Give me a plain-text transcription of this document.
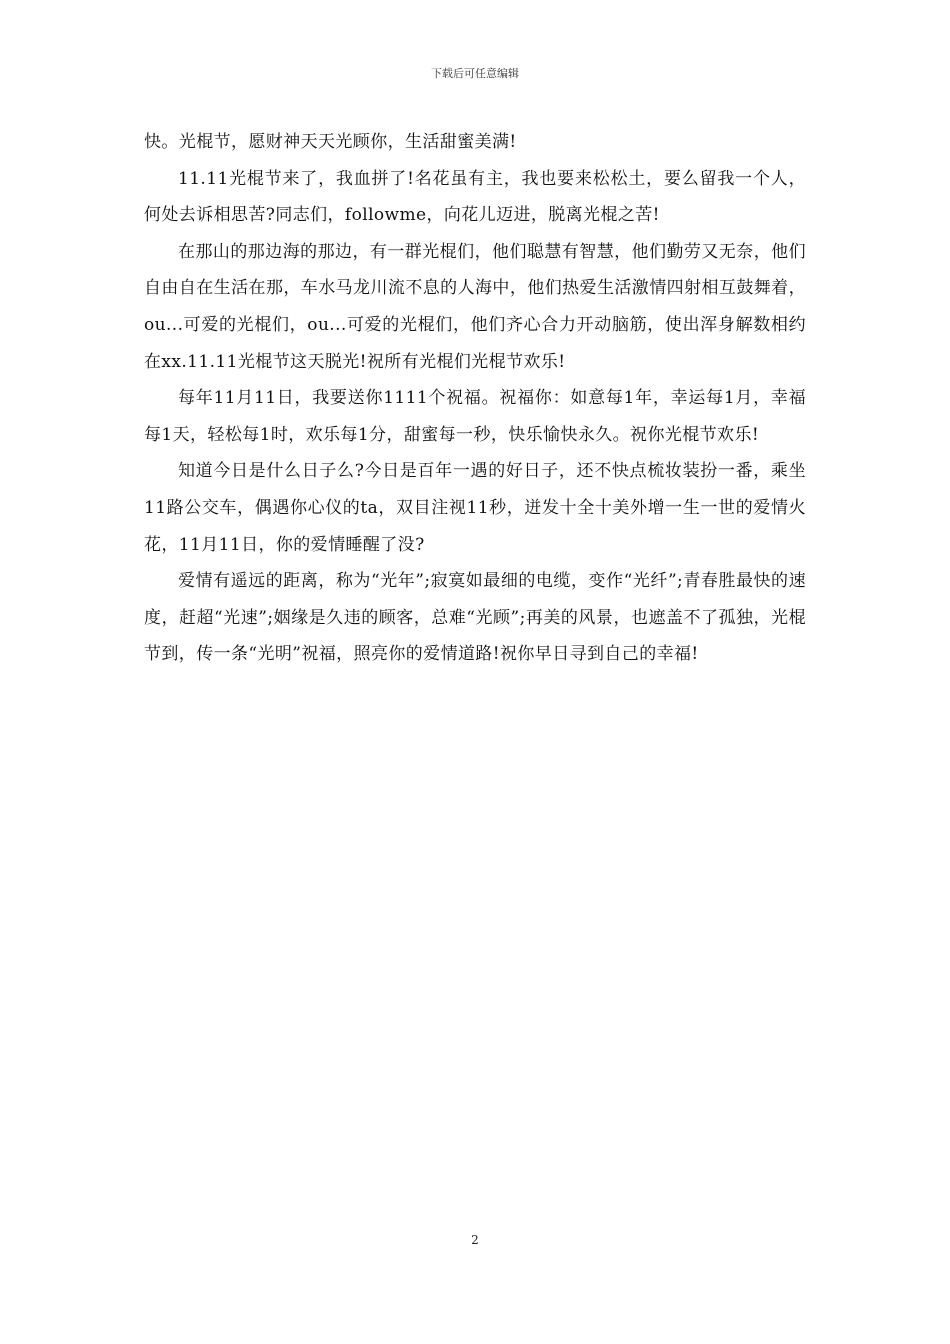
下载后可任意编辑

快。光棍节，愿财神天天光顾你，生活甜蜜美满!

11.11光棍节来了，我血拼了!名花虽有主，我也要来松松土，要么留我一个人，何处去诉相思苦?同志们，followme，向花儿迈进，脱离光棍之苦!

在那山的那边海的那边，有一群光棍们，他们聪慧有智慧，他们勤劳又无奈，他们自由自在生活在那，车水马龙川流不息的人海中，他们热爱生活激情四射相互鼓舞着，ou...可爱的光棍们，ou...可爱的光棍们，他们齐心合力开动脑筋，使出浑身解数相约在xx.11.11光棍节这天脱光!祝所有光棍们光棍节欢乐!

每年11月11日，我要送你1111个祝福。祝福你：如意每1年，幸运每1月，幸福每1天，轻松每1时，欢乐每1分，甜蜜每一秒，快乐愉快永久。祝你光棍节欢乐!

知道今日是什么日子么?今日是百年一遇的好日子，还不快点梳妆装扮一番，乘坐11路公交车，偶遇你心仪的ta，双目注视11秒，迸发十全十美外增一生一世的爱情火花，11月11日，你的爱情睡醒了没?

爱情有遥远的距离，称为“光年”;寂寞如最细的电缆，变作“光纤”;青春胜最快的速度，赶超“光速”;姻缘是久违的顾客，总难“光顾”;再美的风景，也遮盖不了孤独，光棍节到，传一条“光明”祝福，照亮你的爱情道路!祝你早日寻到自己的幸福!

2
